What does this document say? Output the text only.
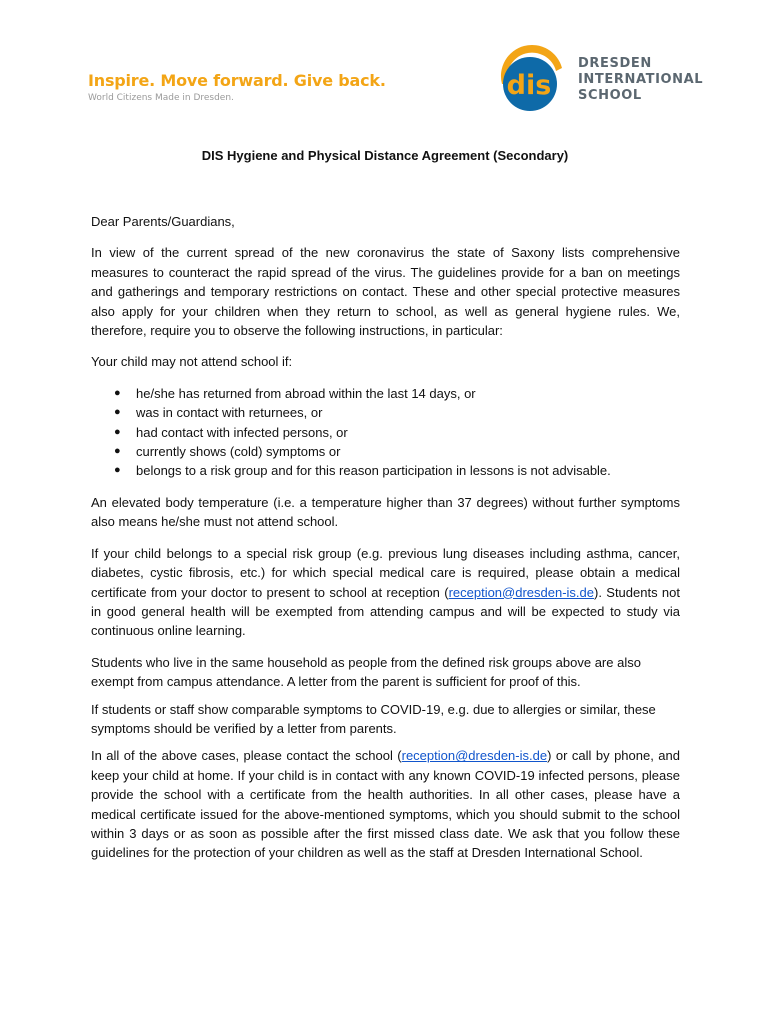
Inspire. Move forward. Give back.
World Citizens Made in Dresden.	dis
DRESDEN
INTERNATIONAL
SCHOOL
DIS Hygiene and Physical Distance Agreement (Secondary)

Dear Parents/Guardians,

In view of the current spread of the new coronavirus the state of Saxony lists comprehensive measures to counteract the rapid spread of the virus. The guidelines provide for a ban on meetings and gatherings and temporary restrictions on contact. These and other special protective measures also apply for your children when they return to school, as well as general hygiene rules. We, therefore, require you to observe the following instructions, in particular:

Your child may not attend school if:

● he/she has returned from abroad within the last 14 days, or
● was in contact with returnees, or
● had contact with infected persons, or
● currently shows (cold) symptoms or
● belongs to a risk group and for this reason participation in lessons is not advisable.

An elevated body temperature (i.e. a temperature higher than 37 degrees) without further symptoms also means he/she must not attend school.

If your child belongs to a special risk group (e.g. previous lung diseases including asthma, cancer, diabetes, cystic fibrosis, etc.) for which special medical care is required, please obtain a medical certificate from your doctor to present to school at reception (reception@dresden-is.de). Students not in good general health will be exempted from attending campus and will be expected to study via continuous online learning.

Students who live in the same household as people from the defined risk groups above are also exempt from campus attendance. A letter from the parent is sufficient for proof of this.

If students or staff show comparable symptoms to COVID-19, e.g. due to allergies or similar, these symptoms should be verified by a letter from parents.

In all of the above cases, please contact the school (reception@dresden-is.de) or call by phone, and keep your child at home. If your child is in contact with any known COVID-19 infected persons, please provide the school with a certificate from the health authorities. In all other cases, please have a medical certificate issued for the above-mentioned symptoms, which you should submit to the school within 3 days or as soon as possible after the first missed class date. We ask that you follow these guidelines for the protection of your children as well as the staff at Dresden International School.
